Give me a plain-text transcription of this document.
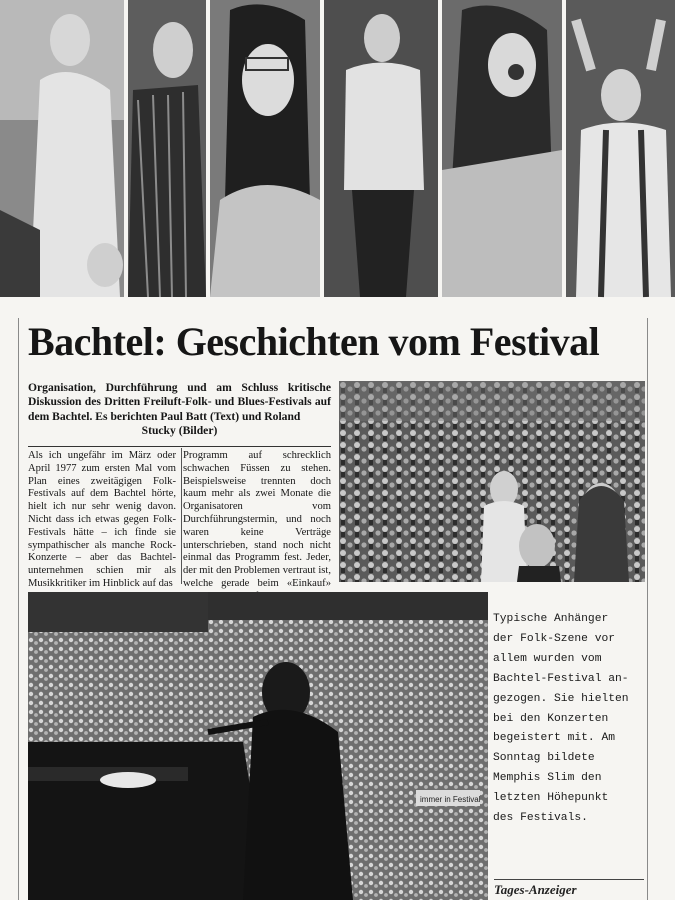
Bachtel: Geschichten vom Festival
Organisation, Durchführung und am Schluss kritische Diskussion des Dritten Freiluft-Folk- und Blues-Festivals auf dem Bachtel. Es berichten Paul Batt (Text) und Roland
Stucky (Bilder)
Als ich ungefähr im März oder April 1977 zum ersten Mal vom Plan eines zweitägigen Folk-Festivals auf dem Bachtel hörte, hielt ich nur sehr wenig davon. Nicht dass ich etwas gegen Folk-Festivals hätte – ich finde sie sympathischer als manche Rock-Konzerte – aber das Bachtel-unternehmen schien mir als Musikkritiker im Hinblick auf das
Programm auf schrecklich schwachen Füssen zu stehen. Beispielsweise trennten doch kaum mehr als zwei Monate die Organisatoren vom Durchführungstermin, und noch waren keine Verträge unterschrieben, stand noch nicht einmal das Programm fest. Jeder, der mit den Problemen vertraut ist, welche gerade beim «Einkauf»
immer in Festival
Typische Anhänger
der Folk-Szene vor
allem wurden vom
Bachtel-Festival an-
gezogen. Sie hielten
bei den Konzerten
begeistert mit. Am
Sonntag bildete
Memphis Slim den
letzten Höhepunkt
des Festivals.
Tages-Anzeiger
